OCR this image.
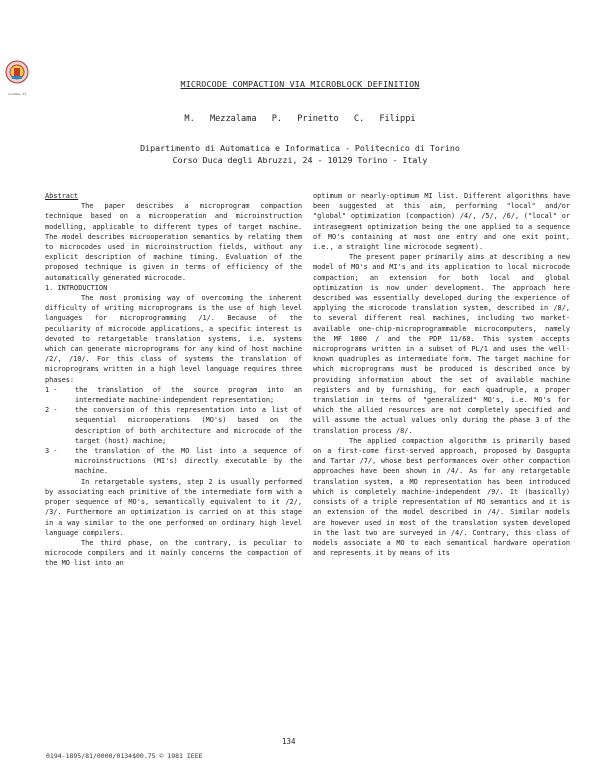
ConsRes 33
MICROCODE COMPACTION VIA MICROBLOCK DEFINITION
M. Mezzalama P. Prinetto C. Filippi
Dipartimento di Automatica e Informatica - Politecnico di Torino
Corso Duca degli Abruzzi, 24 - 10129 Torino - Italy

Abstract

The paper describes a microprogram compaction technique based on a microoperation and microinstruction modelling, applicable to different types of target machine. The model describes microoperation semantics by relating them to microcodes used in microinstruction fields, without any explicit description of machine timing. Evaluation of the proposed technique is given in terms of efficiency of the automatically generated microcode.

1. INTRODUCTION

The most promising way of overcoming the inherent difficulty of writing microprograms is the use of high level languages for microprogramming /1/. Because of the peculiarity of microcode applications, a specific interest is devoted to retargetable translation systems, i.e. systems which can generate microprograms for any kind of host machine /2/, /10/. For this class of systems the translation of microprograms written in a high level language requires three phases:

1 -	the translation of the source program into an intermediate machine-independent representation;
2 -	the conversion of this representation into a list of sequential microoperations (MO's) based on the description of both architecture and microcode of the target (host) machine;
3 -	the translation of the MO list into a sequence of microinstructions (MI's) directly executable by the machine.

In retargetable systems, step 2 is usually performed by associating each primitive of the intermediate form with a proper sequence of MO's, semantically equivalent to it /2/, /3/. Furthermore an optimization is carried on at this stage in a way similar to the one performed on ordinary high level language compilers.

The third phase, on the contrary, is peculiar to microcode compilers and it mainly concerns the compaction of the MO list into an

optimum or nearly-optimum MI list. Different algorithms have been suggested at this aim, performing "local" and/or "global" optimization (compaction) /4/, /5/, /6/, ("local" or intrasegment optimization being the one applied to a sequence of MO's containing at most one entry and one exit point, i.e., a straight line microcode segment).

The present paper primarily aims at describing a new model of MO's and MI's and its application to local microcode compaction; an extension for both local and global optimization is now under development. The approach here described was essentially developed during the experience of applying the microcode translation system, described in /8/, to several different real machines, including two market-available one-chip-microprogrammable microcomputers, namely the MF 1000 / and the PDP 11/60. This system accepts microprograms written in a subset of PL/1 and uses the well-known quadruples as intermediate form. The target machine for which microprograms must be produced is described once by providing information about the set of available machine registers and by furnishing, for each quadruple, a proper translation in terms of "generalized" MO's, i.e. MO's for which the allied resources are not completely specified and will assume the actual values only during the phase 3 of the translation process /8/.

The applied compaction algorithm is primarily based on a first-come first-served approach, proposed by Dasgupta and Tartar /7/, whose best performances over other compaction approaches have been shown in /4/. As for any retargetable translation system, a MO representation has been introduced which is completely machine-independent /9/. It (basically) consists of a triple representation of MO semantics and it is an extension of the model described in /4/. Similar models are however used in most of the translation system developed in the last two are surveyed in /4/. Contrary, this class of models associate a MO to each semantical hardware operation and represents it by means of its

134
0194-1895/81/0000/0134$00.75 © 1981 IEEE
